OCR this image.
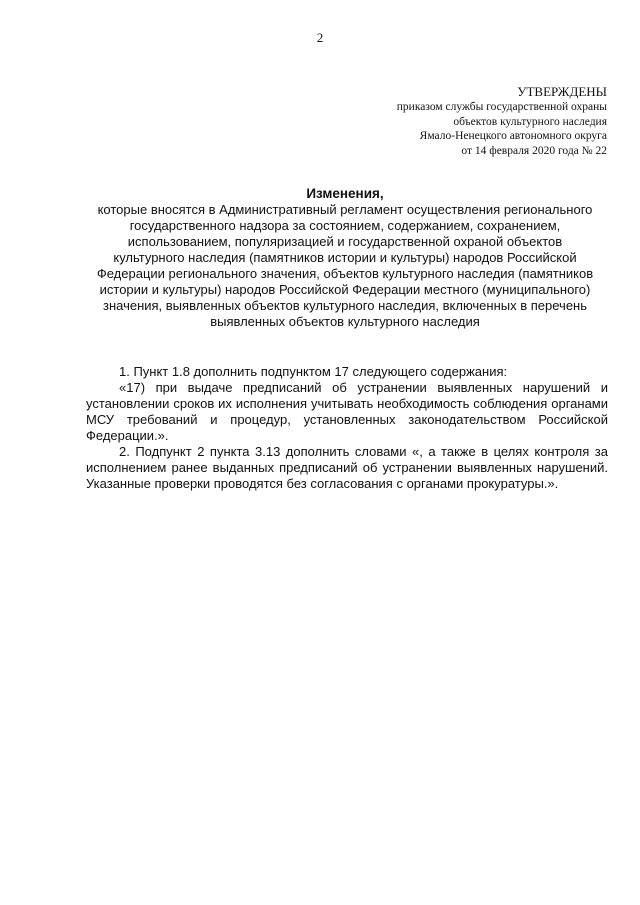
2

УТВЕРЖДЕНЫ

приказом службы государственной охраны

объектов культурного наследия

Ямало-Ненецкого автономного округа

от 14 февраля 2020 года № 22

Изменения,

которые вносятся в Административный регламент осуществления регионального
государственного надзора за состоянием, содержанием, сохранением,
использованием, популяризацией и государственной охраной объектов
культурного наследия (памятников истории и культуры) народов Российской
Федерации регионального значения, объектов культурного наследия (памятников
истории и культуры) народов Российской Федерации местного (муниципального)
значения, выявленных объектов культурного наследия, включенных в перечень
выявленных объектов культурного наследия

1. Пункт 1.8 дополнить подпунктом 17 следующего содержания:

«17) при выдаче предписаний об устранении выявленных нарушений и установлении сроков их исполнения учитывать необходимость соблюдения органами МСУ требований и процедур, установленных законодательством Российской Федерации.».

2. Подпункт 2 пункта 3.13 дополнить словами «, а также в целях контроля за исполнением ранее выданных предписаний об устранении выявленных нарушений. Указанные проверки проводятся без согласования с органами прокуратуры.».
